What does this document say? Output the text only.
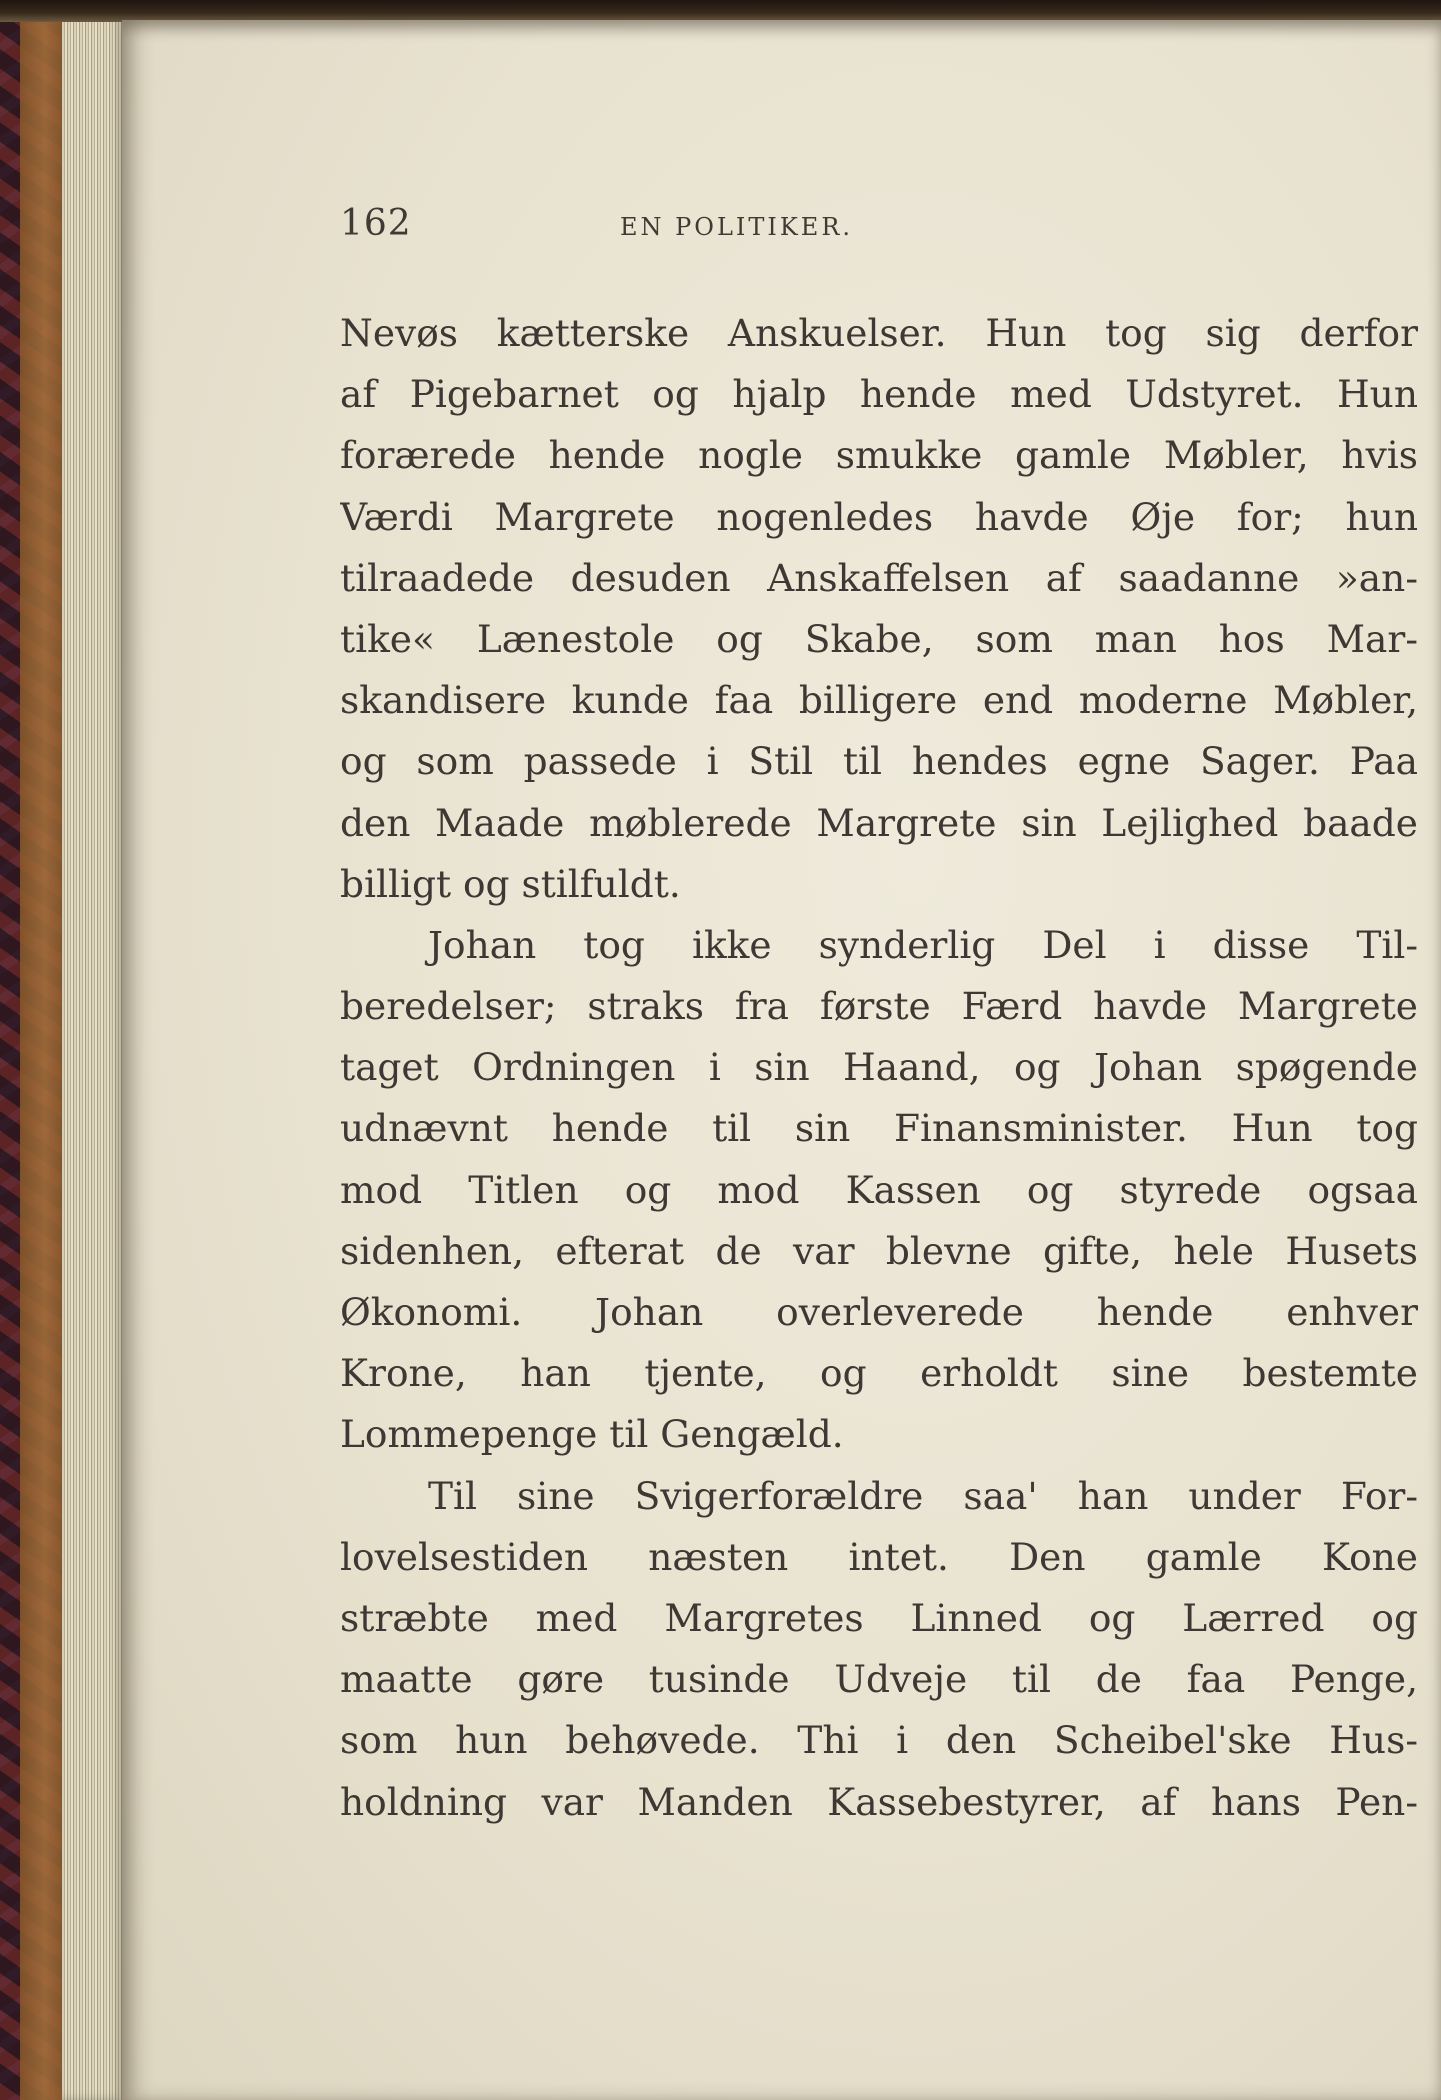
162	EN POLITIKER.
Nevøs kætterske Anskuelser. Hun tog sig derfor
af Pigebarnet og hjalp hende med Udstyret. Hun
forærede hende nogle smukke gamle Møbler, hvis
Værdi Margrete nogenledes havde Øje for; hun
tilraadede desuden Anskaffelsen af saadanne »an-
tike« Lænestole og Skabe, som man hos Mar-
skandisere kunde faa billigere end moderne Møbler,
og som passede i Stil til hendes egne Sager. Paa
den Maade møblerede Margrete sin Lejlighed baade
billigt og stilfuldt.
Johan tog ikke synderlig Del i disse Til-
beredelser; straks fra første Færd havde Margrete
taget Ordningen i sin Haand, og Johan spøgende
udnævnt hende til sin Finansminister. Hun tog
mod Titlen og mod Kassen og styrede ogsaa
sidenhen, efterat de var blevne gifte, hele Husets
Økonomi. Johan overleverede hende enhver
Krone, han tjente, og erholdt sine bestemte
Lommepenge til Gengæld.
Til sine Svigerforældre saa' han under For-
lovelsestiden næsten intet. Den gamle Kone
stræbte med Margretes Linned og Lærred og
maatte gøre tusinde Udveje til de faa Penge,
som hun behøvede. Thi i den Scheibel'ske Hus-
holdning var Manden Kassebestyrer, af hans Pen-
